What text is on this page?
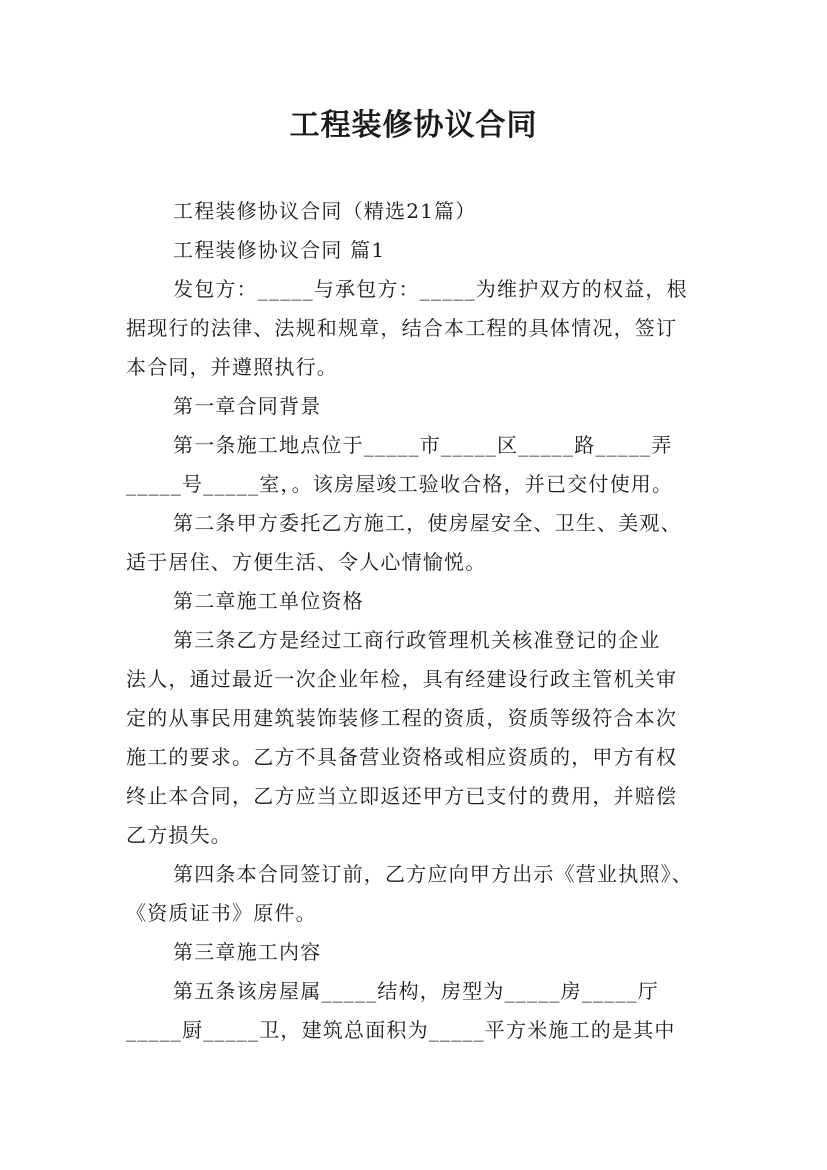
工程装修协议合同
工程装修协议合同（精选21篇）
工程装修协议合同 篇1
发包方：_____与承包方：_____为维护双方的权益，根
据现行的法律、法规和规章，结合本工程的具体情况，签订
本合同，并遵照执行。
第一章合同背景
第一条施工地点位于_____市_____区_____路_____弄
_____号_____室，。该房屋竣工验收合格，并已交付使用。
第二条甲方委托乙方施工，使房屋安全、卫生、美观、
适于居住、方便生活、令人心情愉悦。
第二章施工单位资格
第三条乙方是经过工商行政管理机关核准登记的企业
法人，通过最近一次企业年检，具有经建设行政主管机关审
定的从事民用建筑装饰装修工程的资质，资质等级符合本次
施工的要求。乙方不具备营业资格或相应资质的，甲方有权
终止本合同，乙方应当立即返还甲方已支付的费用，并赔偿
乙方损失。
第四条本合同签订前，乙方应向甲方出示《营业执照》、
《资质证书》原件。
第三章施工内容
第五条该房屋属_____结构，房型为_____房_____厅
_____厨_____卫，建筑总面积为_____平方米施工的是其中
